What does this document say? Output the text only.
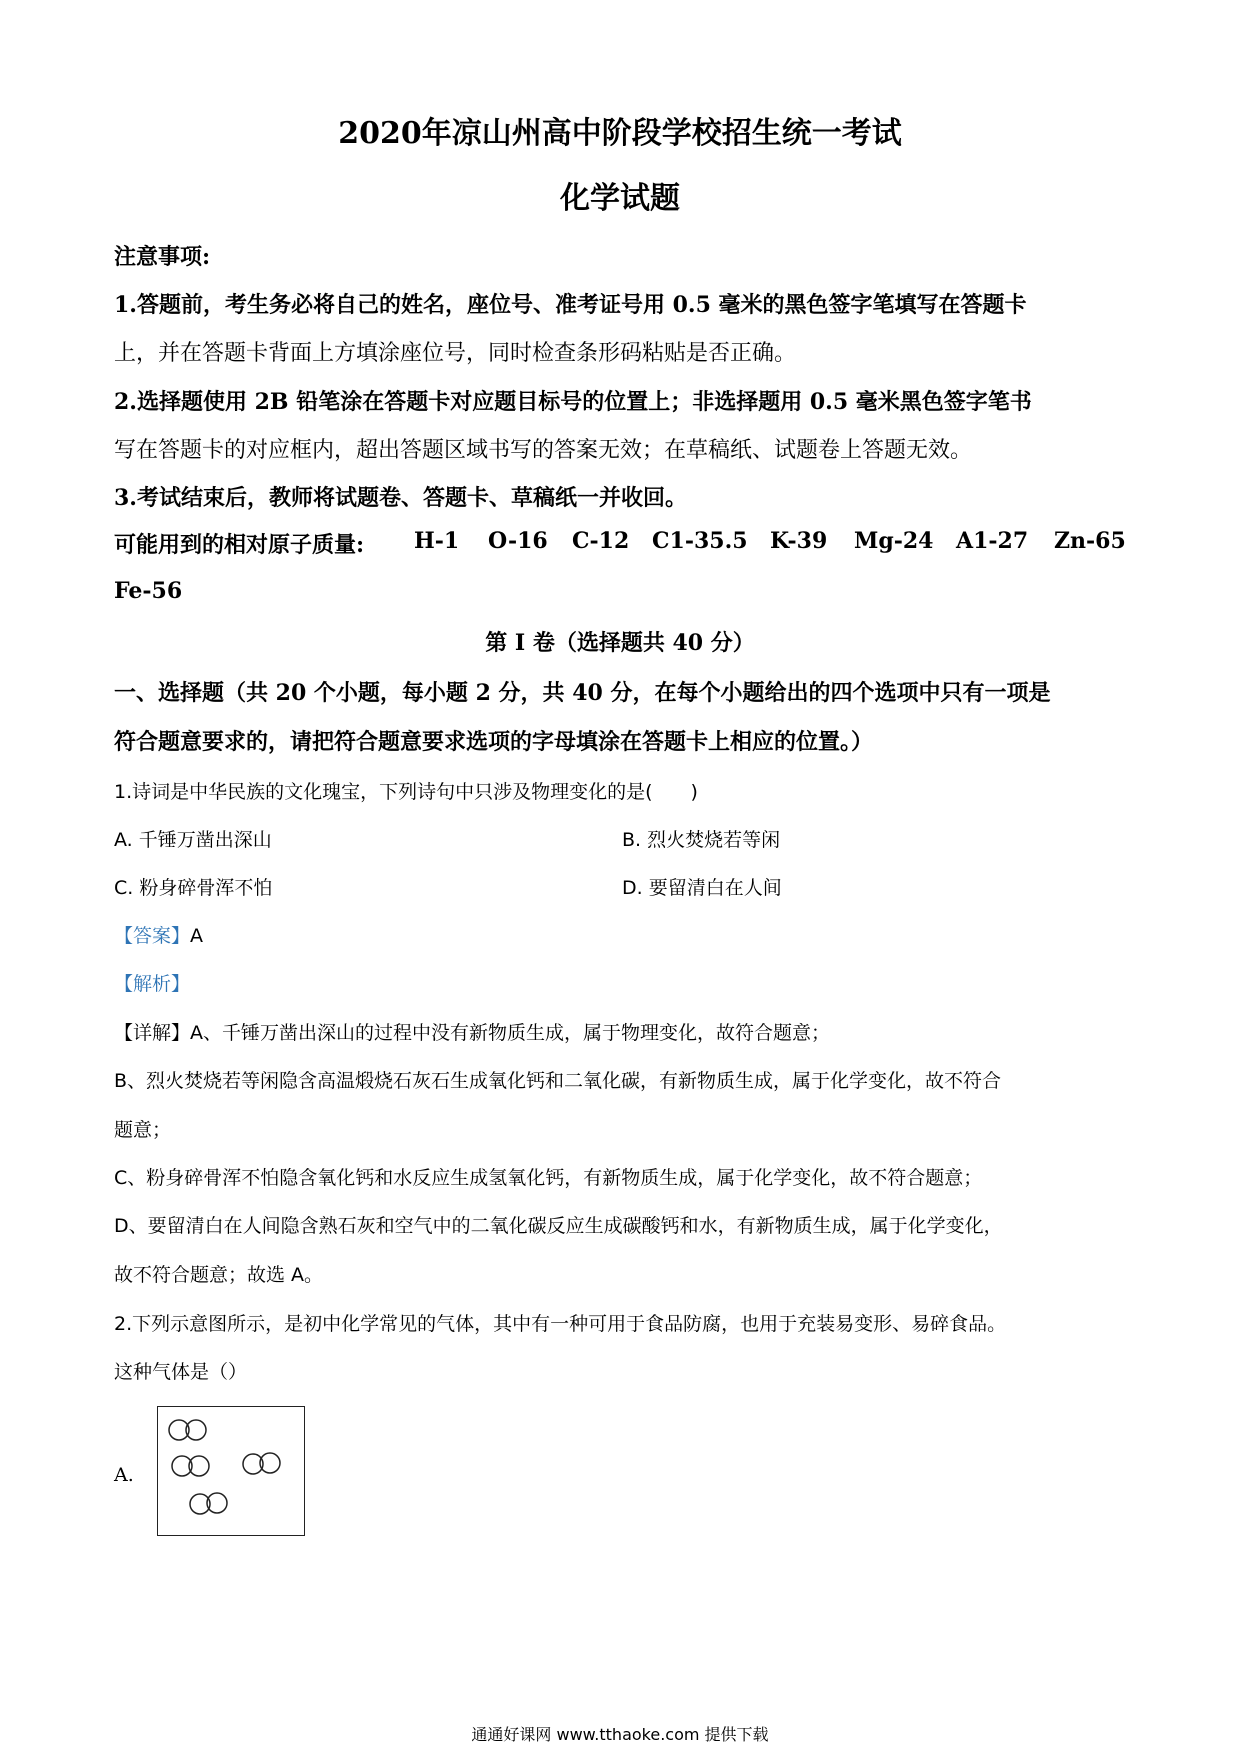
2020年凉山州高中阶段学校招生统一考试
化学试题
注意事项:
1.答题前，考生务必将自己的姓名，座位号、准考证号用 0.5 毫米的黑色签字笔填写在答题卡
上，并在答题卡背面上方填涂座位号，同时检查条形码粘贴是否正确。
2.选择题使用 2B 铅笔涂在答题卡对应题目标号的位置上；非选择题用 0.5 毫米黑色签字笔书
写在答题卡的对应框内，超出答题区域书写的答案无效；在草稿纸、试题卷上答题无效。
3.考试结束后，教师将试题卷、答题卡、草稿纸一并收回。
可能用到的相对原子质量: H-1 O-16 C-12 C1-35.5 K-39 Mg-24 A1-27 Zn-65
Fe-56
第 I 卷（选择题共 40 分）
一、选择题（共 20 个小题，每小题 2 分，共 40 分，在每个小题给出的四个选项中只有一项是
符合题意要求的，请把符合题意要求选项的字母填涂在答题卡上相应的位置。）
1.诗词是中华民族的文化瑰宝，下列诗句中只涉及物理变化的是(　　)
A. 千锤万凿出深山	B. 烈火焚烧若等闲
C. 粉身碎骨浑不怕	D. 要留清白在人间
【答案】A
【解析】
【详解】A、千锤万凿出深山的过程中没有新物质生成，属于物理变化，故符合题意；
B、烈火焚烧若等闲隐含高温煅烧石灰石生成氧化钙和二氧化碳，有新物质生成，属于化学变化，故不符合
题意；
C、粉身碎骨浑不怕隐含氧化钙和水反应生成氢氧化钙，有新物质生成，属于化学变化，故不符合题意；
D、要留清白在人间隐含熟石灰和空气中的二氧化碳反应生成碳酸钙和水，有新物质生成，属于化学变化，
故不符合题意；故选 A。
2.下列示意图所示，是初中化学常见的气体，其中有一种可用于食品防腐，也用于充装易变形、易碎食品。
这种气体是（）
A.
通通好课网 www.tthaoke.com 提供下载
